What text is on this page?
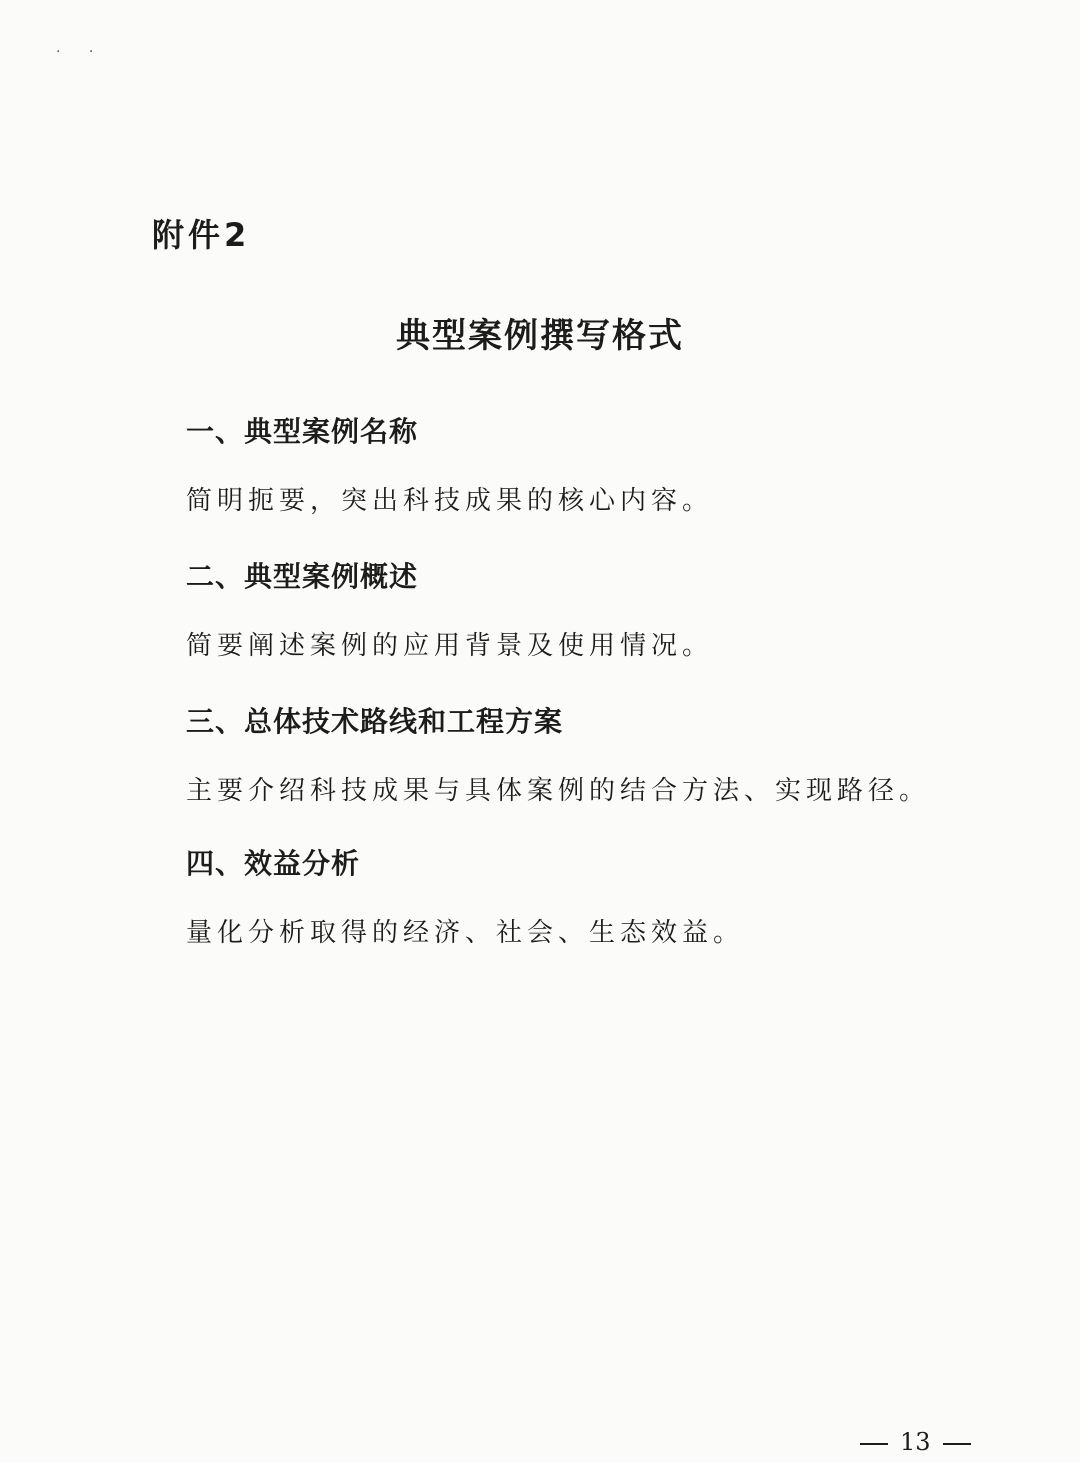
· ·
附件2
典型案例撰写格式
一、典型案例名称
简明扼要，突出科技成果的核心内容。
二、典型案例概述
简要阐述案例的应用背景及使用情况。
三、总体技术路线和工程方案
主要介绍科技成果与具体案例的结合方法、实现路径。
四、效益分析
量化分析取得的经济、社会、生态效益。
13
